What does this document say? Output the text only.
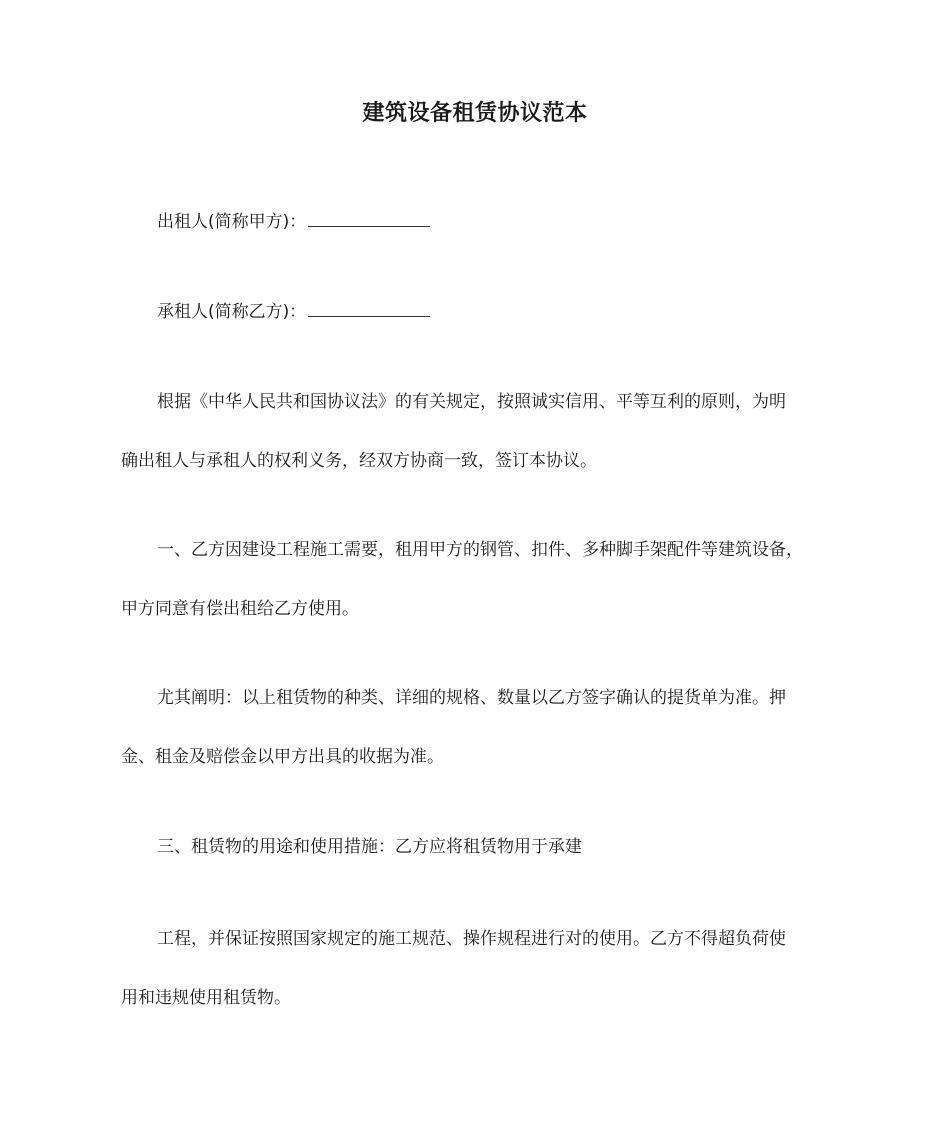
建筑设备租赁协议范本
出租人(简称甲方)：
承租人(简称乙方)：
根据《中华人民共和国协议法》的有关规定，按照诚实信用、平等互利的原则，为明
确出租人与承租人的权利义务，经双方协商一致，签订本协议。
一、乙方因建设工程施工需要，租用甲方的钢管、扣件、多种脚手架配件等建筑设备，
甲方同意有偿出租给乙方使用。
尤其阐明：以上租赁物的种类、详细的规格、数量以乙方签字确认的提货单为准。押
金、租金及赔偿金以甲方出具的收据为准。
三、租赁物的用途和使用措施：乙方应将租赁物用于承建
工程，并保证按照国家规定的施工规范、操作规程进行对的使用。乙方不得超负荷使
用和违规使用租赁物。
